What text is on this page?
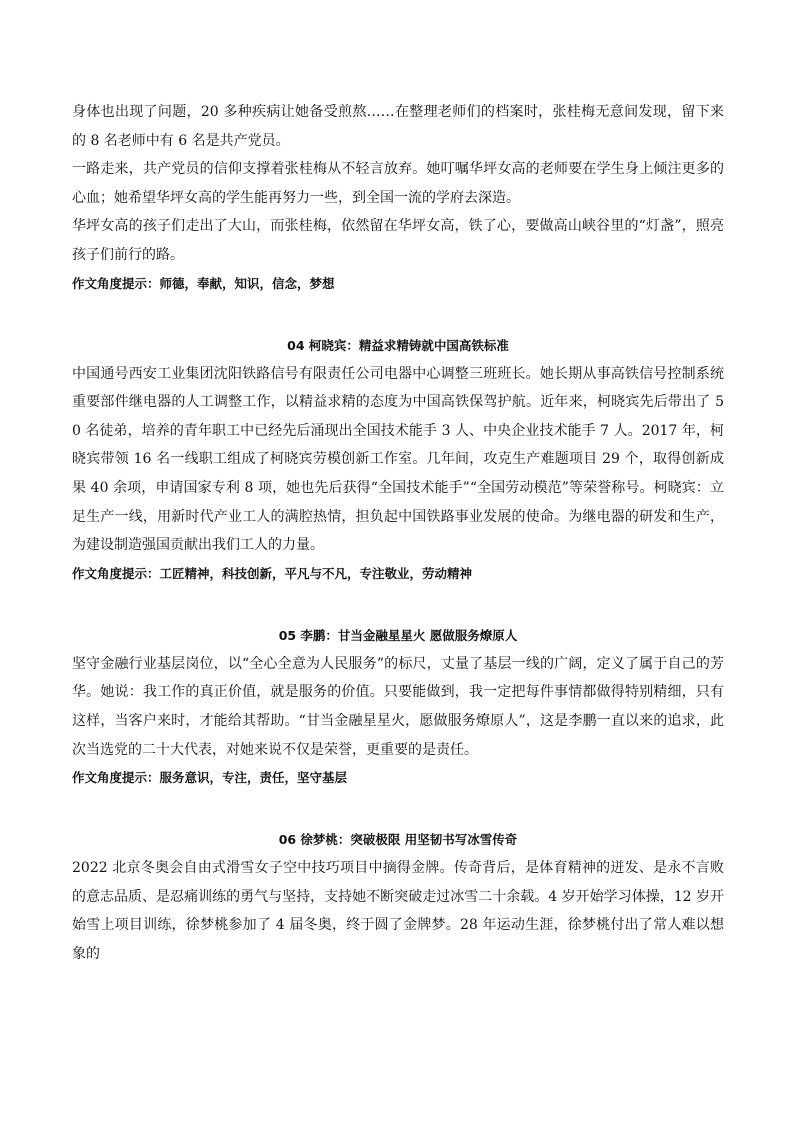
身体也出现了问题，20 多种疾病让她备受煎熬……在整理老师们的档案时，张桂梅无意间发现，留下来的 8 名老师中有 6 名是共产党员。

一路走来，共产党员的信仰支撑着张桂梅从不轻言放弃。她叮嘱华坪女高的老师要在学生身上倾注更多的心血；她希望华坪女高的学生能再努力一些，到全国一流的学府去深造。

华坪女高的孩子们走出了大山，而张桂梅，依然留在华坪女高，铁了心，要做高山峡谷里的“灯盏”，照亮孩子们前行的路。

作文角度提示：师德，奉献，知识，信念，梦想

04 柯晓宾：精益求精铸就中国高铁标准

中国通号西安工业集团沈阳铁路信号有限责任公司电器中心调整三班班长。她长期从事高铁信号控制系统重要部件继电器的人工调整工作，以精益求精的态度为中国高铁保驾护航。近年来，柯晓宾先后带出了 50 名徒弟，培养的青年职工中已经先后涌现出全国技术能手 3 人、中央企业技术能手 7 人。2017 年，柯晓宾带领 16 名一线职工组成了柯晓宾劳模创新工作室。几年间，攻克生产难题项目 29 个，取得创新成果 40 余项，申请国家专利 8 项，她也先后获得“全国技术能手”“全国劳动模范”等荣誉称号。柯晓宾：立足生产一线，用新时代产业工人的满腔热情，担负起中国铁路事业发展的使命。为继电器的研发和生产，为建设制造强国贡献出我们工人的力量。

作文角度提示：工匠精神，科技创新，平凡与不凡，专注敬业，劳动精神

05 李鹏：甘当金融星星火 愿做服务燎原人

坚守金融行业基层岗位，以“全心全意为人民服务”的标尺，丈量了基层一线的广阔，定义了属于自己的芳华。她说：我工作的真正价值，就是服务的价值。只要能做到，我一定把每件事情都做得特别精细，只有这样，当客户来时，才能给其帮助。“甘当金融星星火，愿做服务燎原人”，这是李鹏一直以来的追求，此次当选党的二十大代表，对她来说不仅是荣誉，更重要的是责任。

作文角度提示：服务意识，专注，责任，坚守基层

06 徐梦桃：突破极限 用坚韧书写冰雪传奇

2022 北京冬奥会自由式滑雪女子空中技巧项目中摘得金牌。传奇背后，是体育精神的迸发、是永不言败的意志品质、是忍痛训练的勇气与坚持，支持她不断突破走过冰雪二十余载。4 岁开始学习体操，12 岁开始雪上项目训练，徐梦桃参加了 4 届冬奥，终于圆了金牌梦。28 年运动生涯，徐梦桃付出了常人难以想象的
